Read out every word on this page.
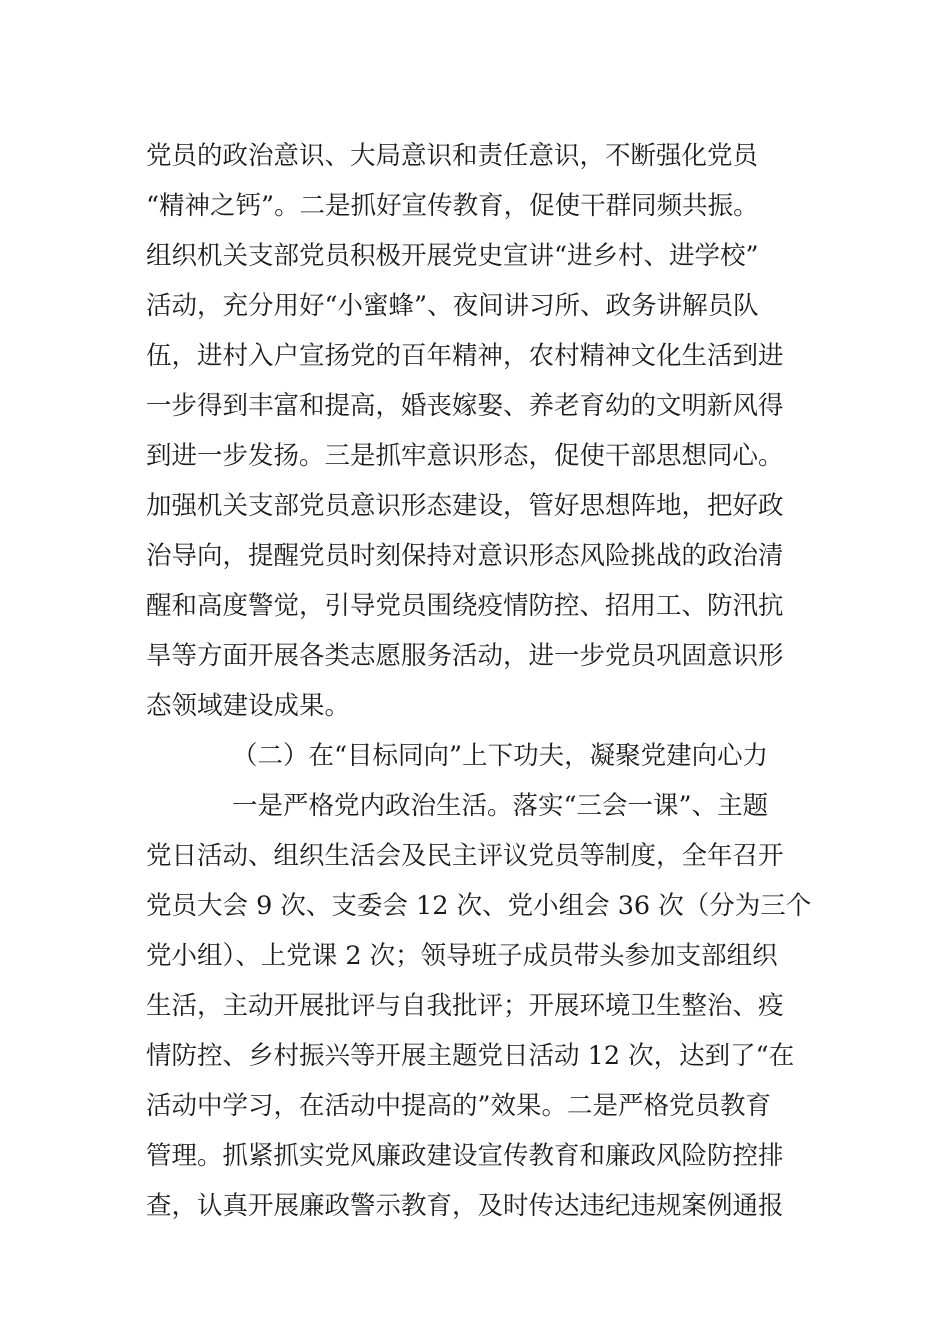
党员的政治意识、大局意识和责任意识，不断强化党员
“精神之钙”。二是抓好宣传教育，促使干群同频共振。
组织机关支部党员积极开展党史宣讲“进乡村、进学校”
活动，充分用好“小蜜蜂”、夜间讲习所、政务讲解员队
伍，进村入户宣扬党的百年精神，农村精神文化生活到进
一步得到丰富和提高，婚丧嫁娶、养老育幼的文明新风得
到进一步发扬。三是抓牢意识形态，促使干部思想同心。
加强机关支部党员意识形态建设，管好思想阵地，把好政
治导向，提醒党员时刻保持对意识形态风险挑战的政治清
醒和高度警觉，引导党员围绕疫情防控、招用工、防汛抗
旱等方面开展各类志愿服务活动，进一步党员巩固意识形
态领域建设成果。
（二）在“目标同向”上下功夫，凝聚党建向心力
一是严格党内政治生活。落实“三会一课”、主题
党日活动、组织生活会及民主评议党员等制度，全年召开
党员大会 9 次、支委会 12 次、党小组会 36 次（分为三个
党小组）、上党课 2 次；领导班子成员带头参加支部组织
生活，主动开展批评与自我批评；开展环境卫生整治、疫
情防控、乡村振兴等开展主题党日活动 12 次，达到了“在
活动中学习，在活动中提高的”效果。二是严格党员教育
管理。抓紧抓实党风廉政建设宣传教育和廉政风险防控排
查，认真开展廉政警示教育，及时传达违纪违规案例通报
